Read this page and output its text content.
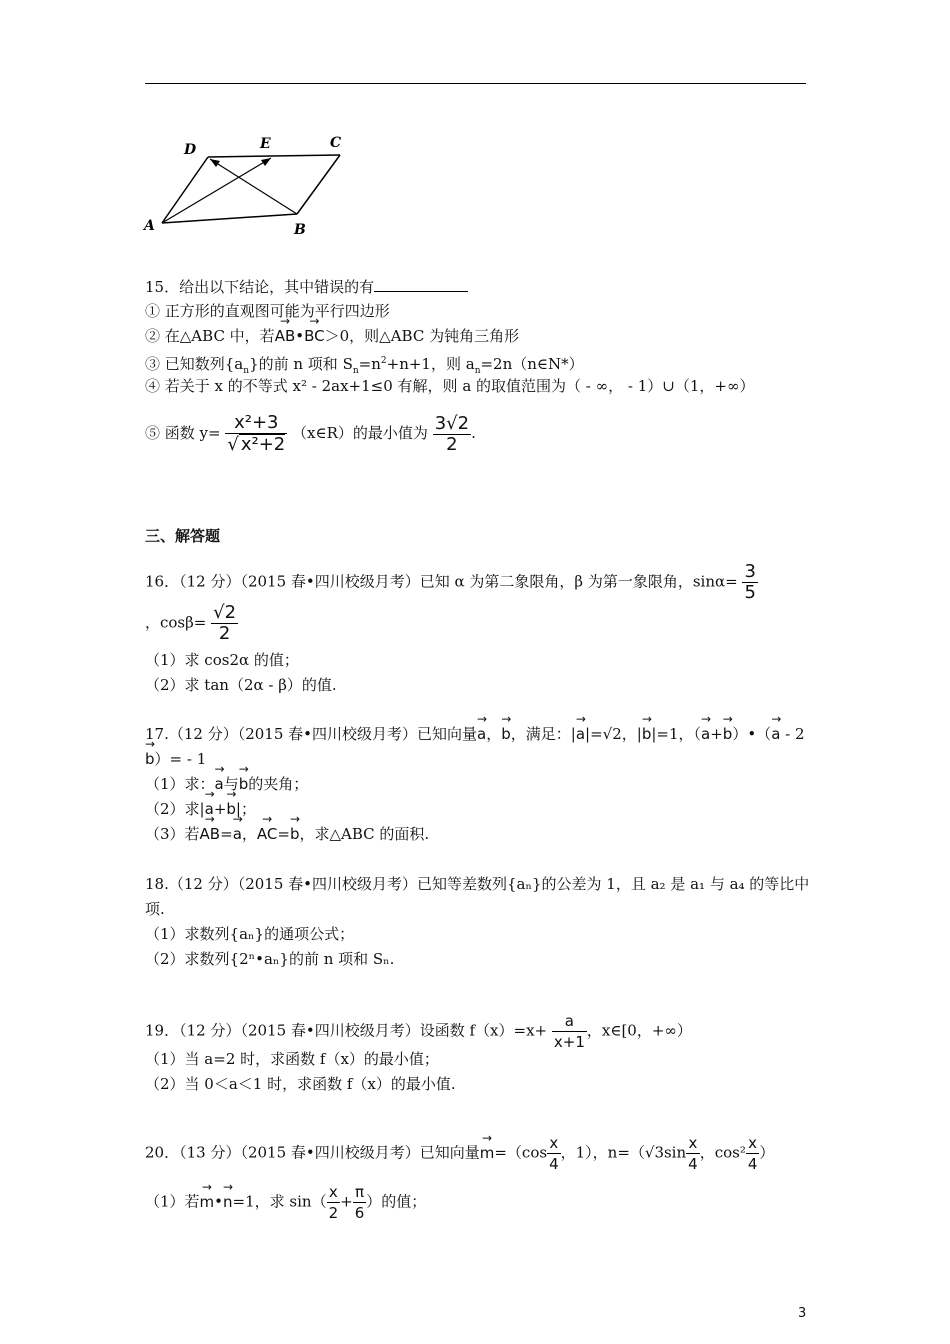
A	B
C
D	E
15．给出以下结论，其中错误的有
① 正方形的直观图可能为平行四边形
② 在△ABC 中，若→ AB•→ BC＞0，则△ABC 为钝角三角形
③ 已知数列$\{a_n\}$的前 n 项和 $S_n=n^2+n+1$，则 $a_n=2n(n\in N*)$
④ 若关于 x 的不等式 x² - 2ax+1≤0 有解，则 a 的取值范围为（ - ∞， - 1）∪（1，+∞）
⑤ 函数 $y= \frac{\text{x²+3}}{\text{√ x²+2}}$ （x∈R）的最小值为 $\frac{3√2}{2}$ .
三、解答题
16．（12 分）（2015 春•四川校级月考）已知 α 为第二象限角，β 为第一象限角，$\sin\alpha= \frac{3}{5}$
，$\cos\beta= \frac{√2}{2}$
（1）求 cos2α 的值；
（2）求 tan（2α - β）的值.
17.（12 分）（2015 春•四川校级月考）已知向量→ a，→ b，满足：|→ a|=√2，|→ b|=1，（→ a+→ b）•（→ a - 2
→ b）= - 1
（1）求：→ a与→ b的夹角；
（2）求|→ a+→ b|；
（3）若→ AB=→ a，→ AC=→ b，求△ABC 的面积.
18.（12 分）（2015 春•四川校级月考）已知等差数列{aₙ}的公差为 1，且 a₂ 是 a₁ 与 a₄ 的等比中
项.
（1）求数列{aₙ}的通项公式；
（2）求数列{2ⁿ•aₙ}的前 n 项和 Sₙ.
19．（12 分）（2015 春•四川校级月考）设函数 $f(x)=x+ \frac{a}{x+1}$ ，x∈[0，+∞）
（1）当 a=2 时，求函数 f（x）的最小值；
（2）当 0＜a＜1 时，求函数 f（x）的最小值.
20．（13 分）（2015 春•四川校级月考）已知向量→ $m=(\cos \frac{x}{4}$ ，1），$n=(√3\sin \frac{x}{4}$ ，$\cos^2 \frac{x}{4}$ ）
（1）若→ m•→ n=1，求 $\sin( \frac{x}{2} + \frac{\pi}{6}$ ）的值；
3
